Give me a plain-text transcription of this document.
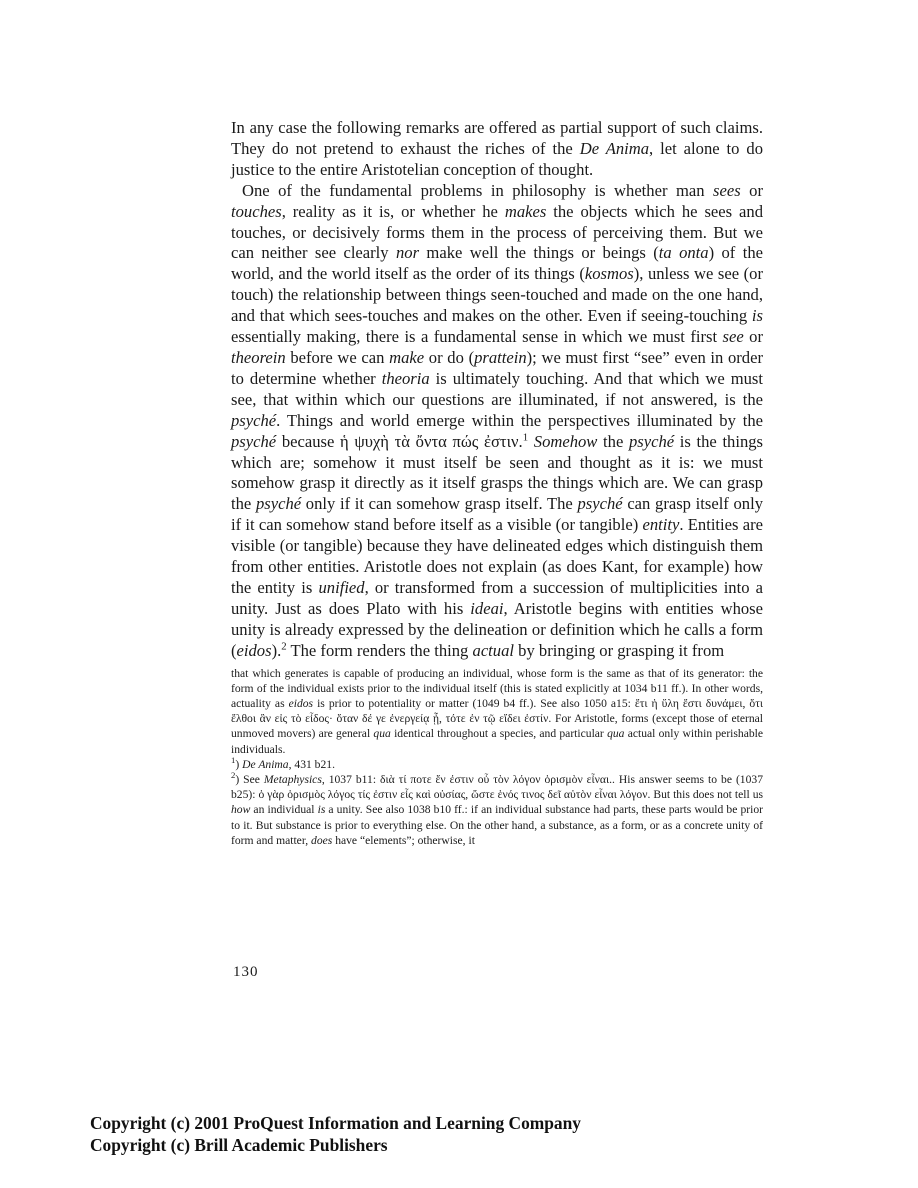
In any case the following remarks are offered as partial support of such claims. They do not pretend to exhaust the riches of the De Anima, let alone to do justice to the entire Aristotelian conception of thought.

One of the fundamental problems in philosophy is whether man sees or touches, reality as it is, or whether he makes the objects which he sees and touches, or decisively forms them in the process of perceiving them. But we can neither see clearly nor make well the things or beings (ta onta) of the world, and the world itself as the order of its things (kosmos), unless we see (or touch) the relationship between things seen-touched and made on the one hand, and that which sees-touches and makes on the other. Even if seeing-touching is essentially making, there is a fundamental sense in which we must first see or theorein before we can make or do (prattein); we must first “see” even in order to determine whether theoria is ultimately touching. And that which we must see, that within which our questions are illuminated, if not answered, is the psyché. Things and world emerge within the perspectives illuminated by the psyché because ἡ ψυχὴ τὰ ὄντα πώς ἐστιν.$^1$ Somehow the psyché is the things which are; somehow it must itself be seen and thought as it is: we must somehow grasp it directly as it itself grasps the things which are. We can grasp the psyché only if it can somehow grasp itself. The psyché can grasp itself only if it can somehow stand before itself as a visible (or tangible) entity. Entities are visible (or tangible) because they have delineated edges which distinguish them from other entities. Aristotle does not explain (as does Kant, for example) how the entity is unified, or transformed from a succession of multiplicities into a unity. Just as does Plato with his ideai, Aristotle begins with entities whose unity is already expressed by the delineation or definition which he calls a form (eidos).$^2$ The form renders the thing actual by bringing or grasping it from

that which generates is capable of producing an individual, whose form is the same as that of its generator: the form of the individual exists prior to the individual itself (this is stated explicitly at 1034 b11 ff.). In other words, actuality as eidos is prior to potentiality or matter (1049 b4 ff.). See also 1050 a15: ἔτι ἡ ὕλη ἔστι δυνάμει, ὅτι ἔλθοι ἂν εἰς τὸ εἶδος· ὅταν δέ γε ἐνεργείᾳ ᾖ, τότε ἐν τῷ εἴδει ἐστίν. For Aristotle, forms (except those of eternal unmoved movers) are general qua identical throughout a species, and particular qua actual only within perishable individuals.

$^1$) De Anima, 431 b21.

$^2$) See Metaphysics, 1037 b11: διὰ τί ποτε ἕν ἐστιν οὗ τὸν λόγον ὁρισμὸν εἶναι.. His answer seems to be (1037 b25): ὁ γὰρ ὁρισμὸς λόγος τίς ἐστιν εἷς καὶ οὐσίας, ὥστε ἑνός τινος δεῖ αὐτὸν εἶναι λόγον. But this does not tell us how an individual is a unity. See also 1038 b10 ff.: if an individual substance had parts, these parts would be prior to it. But substance is prior to everything else. On the other hand, a substance, as a form, or as a concrete unity of form and matter, does have “elements”; otherwise, it

130
Copyright (c) 2001 ProQuest Information and Learning Company
Copyright (c) Brill Academic Publishers
